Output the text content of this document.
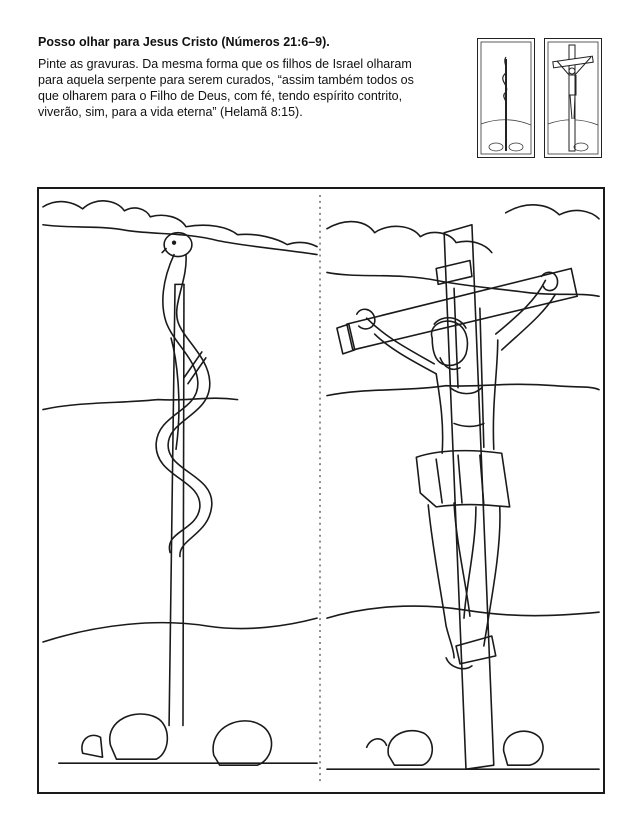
Posso olhar para Jesus Cristo (Números 21:6–9).

Pinte as gravuras. Da mesma forma que os filhos de Israel olharam para aquela serpente para serem curados, “assim também todos os que olharem para o Filho de Deus, com fé, tendo espírito contrito, viverão, sim, para a vida eterna” (Helamã 8:15).
